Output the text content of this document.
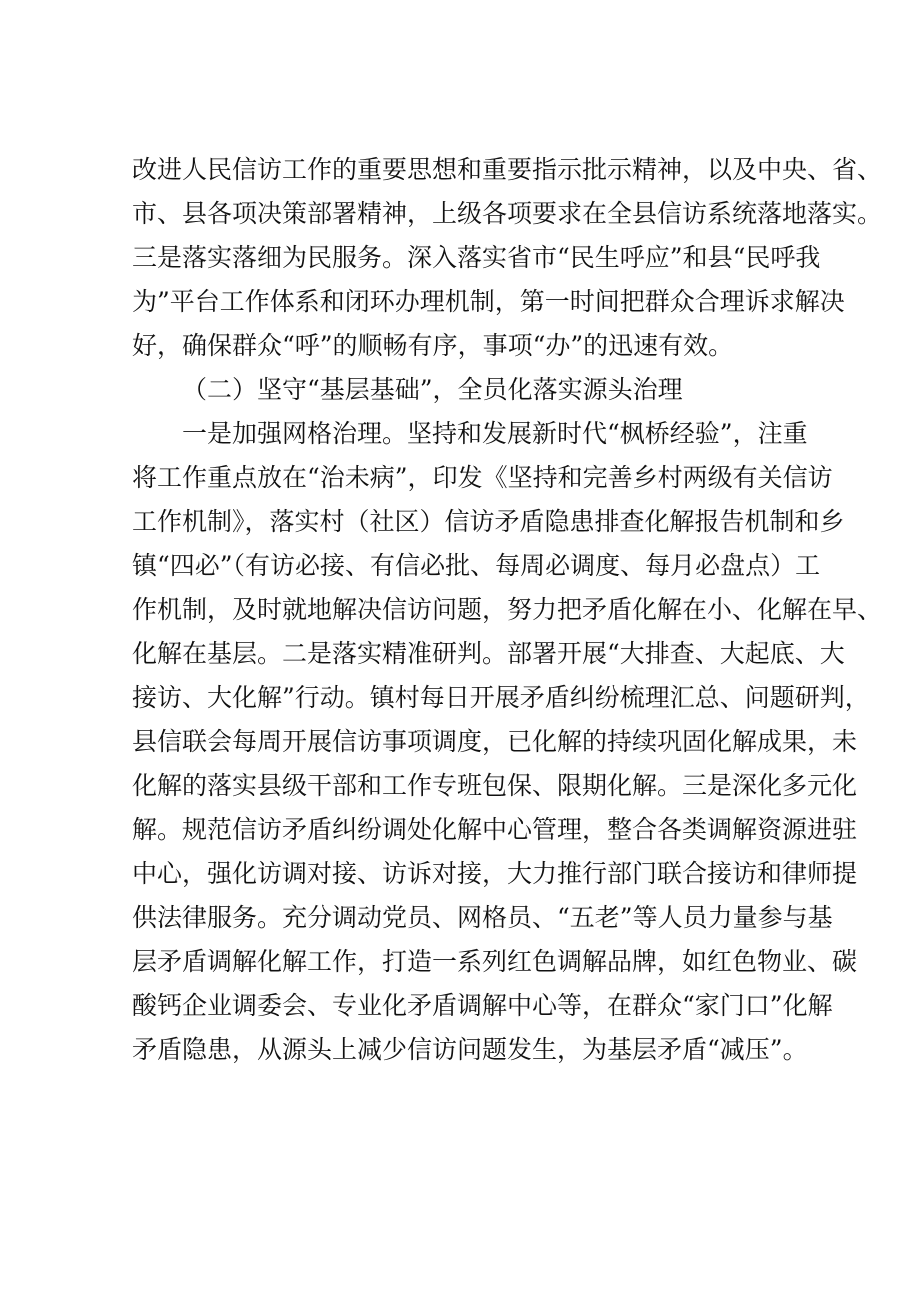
改进人民信访工作的重要思想和重要指示批示精神，以及中央、省、
市、县各项决策部署精神，上级各项要求在全县信访系统落地落实。
三是落实落细为民服务。深入落实省市“民生呼应”和县“民呼我
为”平台工作体系和闭环办理机制，第一时间把群众合理诉求解决
好，确保群众“呼”的顺畅有序，事项“办”的迅速有效。
（二）坚守“基层基础”，全员化落实源头治理
一是加强网格治理。坚持和发展新时代“枫桥经验”，注重
将工作重点放在“治未病”，印发《坚持和完善乡村两级有关信访
工作机制》，落实村（社区）信访矛盾隐患排查化解报告机制和乡
镇“四必”（有访必接、有信必批、每周必调度、每月必盘点）工
作机制，及时就地解决信访问题，努力把矛盾化解在小、化解在早、
化解在基层。二是落实精准研判。部署开展“大排查、大起底、大
接访、大化解”行动。镇村每日开展矛盾纠纷梳理汇总、问题研判，
县信联会每周开展信访事项调度，已化解的持续巩固化解成果，未
化解的落实县级干部和工作专班包保、限期化解。三是深化多元化
解。规范信访矛盾纠纷调处化解中心管理，整合各类调解资源进驻
中心，强化访调对接、访诉对接，大力推行部门联合接访和律师提
供法律服务。充分调动党员、网格员、“五老”等人员力量参与基
层矛盾调解化解工作，打造一系列红色调解品牌，如红色物业、碳
酸钙企业调委会、专业化矛盾调解中心等，在群众“家门口”化解
矛盾隐患，从源头上减少信访问题发生，为基层矛盾“减压”。
